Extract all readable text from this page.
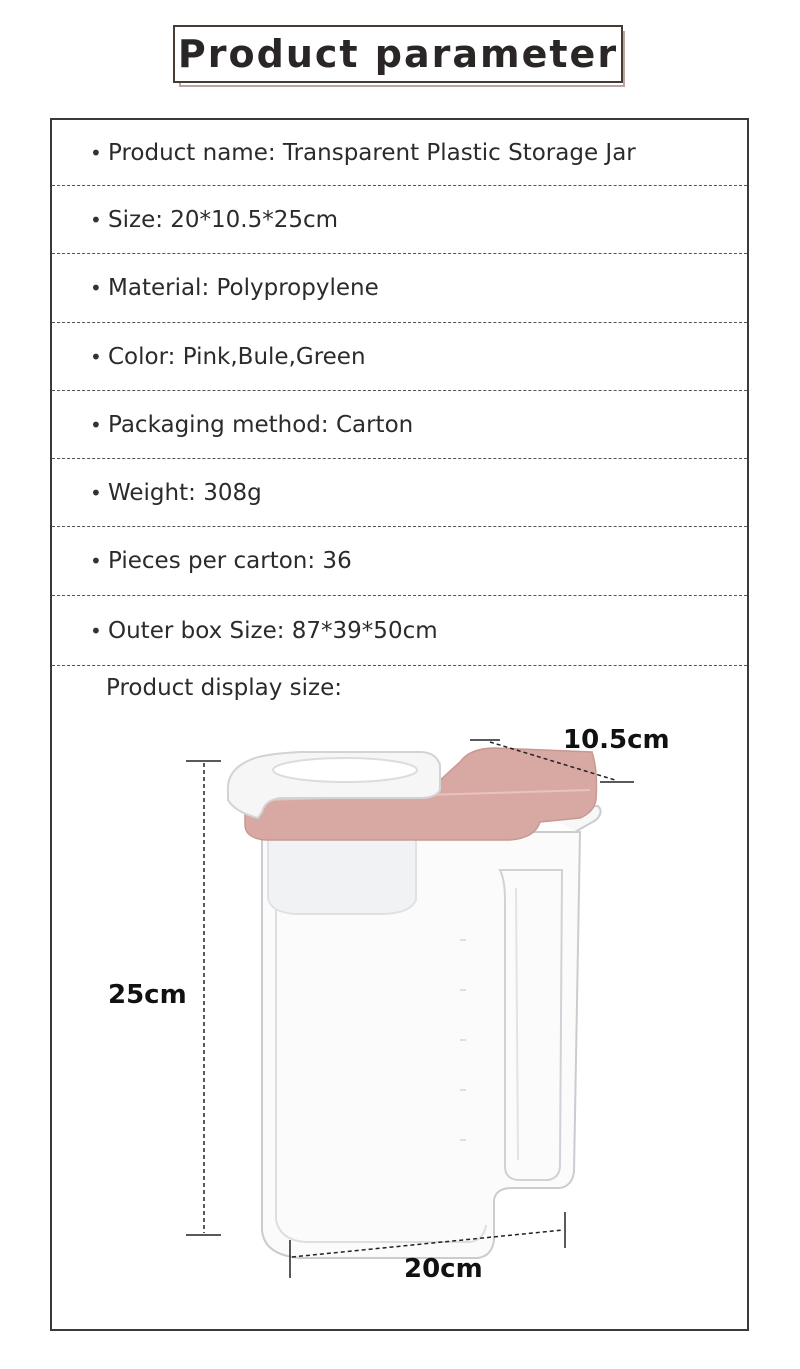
Product parameter
• Product name: Transparent Plastic Storage Jar
• Size: 20*10.5*25cm
• Material: Polypropylene
• Color: Pink,Bule,Green
• Packaging method: Carton
• Weight: 308g
• Pieces per carton: 36
• Outer box Size: 87*39*50cm
Product display size:
10.5cm
25cm
20cm
